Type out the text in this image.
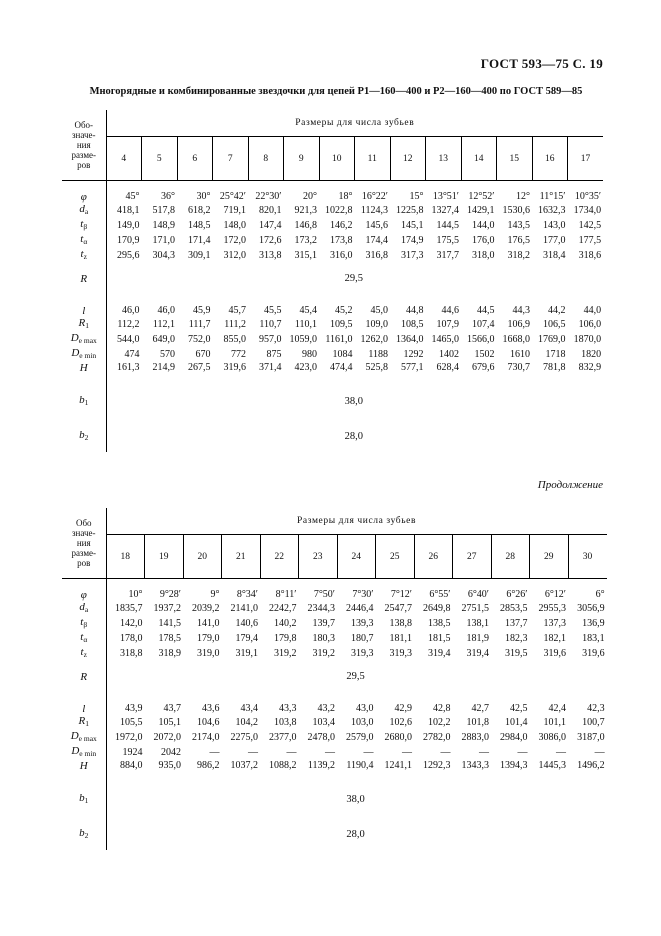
ГОСТ 593—75 С. 19
Многорядные и комбинированные звездочки для цепей Р1—160—400 и Р2—160—400 по ГОСТ 589—85
Продолжение
Обо-
значе-
ния
разме-
ров	Размеры для числа зубьев													
	4	5	6	7	8	9	10	11	12	13	14	15	16	17

φ	45°	36°	30°	25°42′	22°30′	20°	18°	16°22′	15°	13°51′	12°52′	12°	11°15′	10°35′
$d_a$	418,1	517,8	618,2	719,1	820,1	921,3	1022,8	1124,3	1225,8	1327,4	1429,1	1530,6	1632,3	1734,0
$t_\beta$	149,0	148,9	148,5	148,0	147,4	146,8	146,2	145,6	145,1	144,5	144,0	143,5	143,0	142,5
$t_\alpha$	170,9	171,0	171,4	172,0	172,6	173,2	173,8	174,4	174,9	175,5	176,0	176,5	177,0	177,5
$t_z$	295,6	304,3	309,1	312,0	313,8	315,1	316,0	316,8	317,3	317,7	318,0	318,2	318,4	318,6

R	29,5													

l	46,0	46,0	45,9	45,7	45,5	45,4	45,2	45,0	44,8	44,6	44,5	44,3	44,2	44,0
$R_1$	112,2	112,1	111,7	111,2	110,7	110,1	109,5	109,0	108,5	107,9	107,4	106,9	106,5	106,0
$D_{e max}$	544,0	649,0	752,0	855,0	957,0	1059,0	1161,0	1262,0	1364,0	1465,0	1566,0	1668,0	1769,0	1870,0
$D_{e min}$	474	570	670	772	875	980	1084	1188	1292	1402	1502	1610	1718	1820
H	161,3	214,9	267,5	319,6	371,4	423,0	474,4	525,8	577,1	628,4	679,6	730,7	781,8	832,9

$b_1$	38,0													

$b_2$	28,0													

Обо
значе-
ния
разме-
ров	Размеры для числа зубьев												
	18	19	20	21	22	23	24	25	26	27	28	29	30

φ	10°	9°28′	9°	8°34′	8°11′	7°50′	7°30′	7°12′	6°55′	6°40′	6°26′	6°12′	6°
$d_a$	1835,7	1937,2	2039,2	2141,0	2242,7	2344,3	2446,4	2547,7	2649,8	2751,5	2853,5	2955,3	3056,9
$t_\beta$	142,0	141,5	141,0	140,6	140,2	139,7	139,3	138,8	138,5	138,1	137,7	137,3	136,9
$t_\alpha$	178,0	178,5	179,0	179,4	179,8	180,3	180,7	181,1	181,5	181,9	182,3	182,1	183,1
$t_z$	318,8	318,9	319,0	319,1	319,2	319,2	319,3	319,3	319,4	319,4	319,5	319,6	319,6

R	29,5												

l	43,9	43,7	43,6	43,4	43,3	43,2	43,0	42,9	42,8	42,7	42,5	42,4	42,3
$R_1$	105,5	105,1	104,6	104,2	103,8	103,4	103,0	102,6	102,2	101,8	101,4	101,1	100,7
$D_{e max}$	1972,0	2072,0	2174,0	2275,0	2377,0	2478,0	2579,0	2680,0	2782,0	2883,0	2984,0	3086,0	3187,0
$D_{e min}$	1924	2042	—	—	—	—	—	—	—	—	—	—	—
H	884,0	935,0	986,2	1037,2	1088,2	1139,2	1190,4	1241,1	1292,3	1343,3	1394,3	1445,3	1496,2

$b_1$	38,0												

$b_2$	28,0												
